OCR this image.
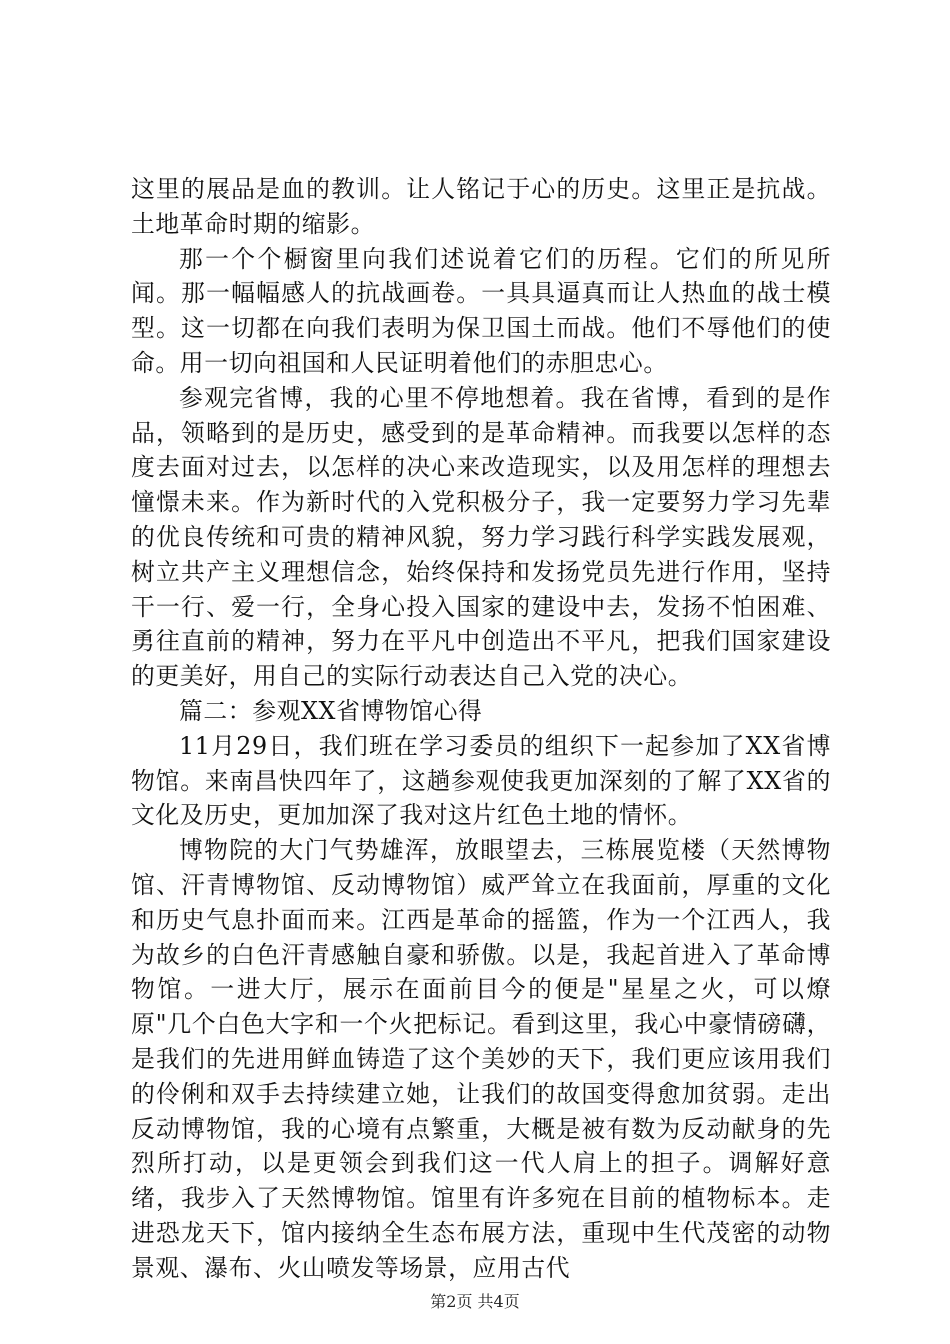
这里的展品是血的教训。让人铭记于心的历史。这里正是抗战。土地革命时期的缩影。

那一个个橱窗里向我们述说着它们的历程。它们的所见所闻。那一幅幅感人的抗战画卷。一具具逼真而让人热血的战士模型。这一切都在向我们表明为保卫国土而战。他们不辱他们的使命。用一切向祖国和人民证明着他们的赤胆忠心。

参观完省博，我的心里不停地想着。我在省博，看到的是作品，领略到的是历史，感受到的是革命精神。而我要以怎样的态度去面对过去，以怎样的决心来改造现实，以及用怎样的理想去憧憬未来。作为新时代的入党积极分子，我一定要努力学习先辈的优良传统和可贵的精神风貌，努力学习践行科学实践发展观，树立共产主义理想信念，始终保持和发扬党员先进行作用，坚持干一行、爱一行，全身心投入国家的建设中去，发扬不怕困难、勇往直前的精神，努力在平凡中创造出不平凡，把我们国家建设的更美好，用自己的实际行动表达自己入党的决心。

篇二：参观XX省博物馆心得

11月29日，我们班在学习委员的组织下一起参加了XX省博物馆。来南昌快四年了，这趟参观使我更加深刻的了解了XX省的文化及历史，更加加深了我对这片红色土地的情怀。

博物院的大门气势雄浑，放眼望去，三栋展览楼（天然博物馆、汗青博物馆、反动博物馆）威严耸立在我面前，厚重的文化和历史气息扑面而来。江西是革命的摇篮，作为一个江西人，我为故乡的白色汗青感触自豪和骄傲。以是，我起首进入了革命博物馆。一进大厅，展示在面前目今的便是"星星之火，可以燎原"几个白色大字和一个火把标记。看到这里，我心中豪情磅礴，是我们的先进用鲜血铸造了这个美妙的天下，我们更应该用我们的伶俐和双手去持续建立她，让我们的故国变得愈加贫弱。走出反动博物馆，我的心境有点繁重，大概是被有数为反动献身的先烈所打动，以是更领会到我们这一代人肩上的担子。调解好意绪，我步入了天然博物馆。馆里有许多宛在目前的植物标本。走进恐龙天下，馆内接纳全生态布展方法，重现中生代茂密的动物景观、瀑布、火山喷发等场景，应用古代

第2页 共4页
